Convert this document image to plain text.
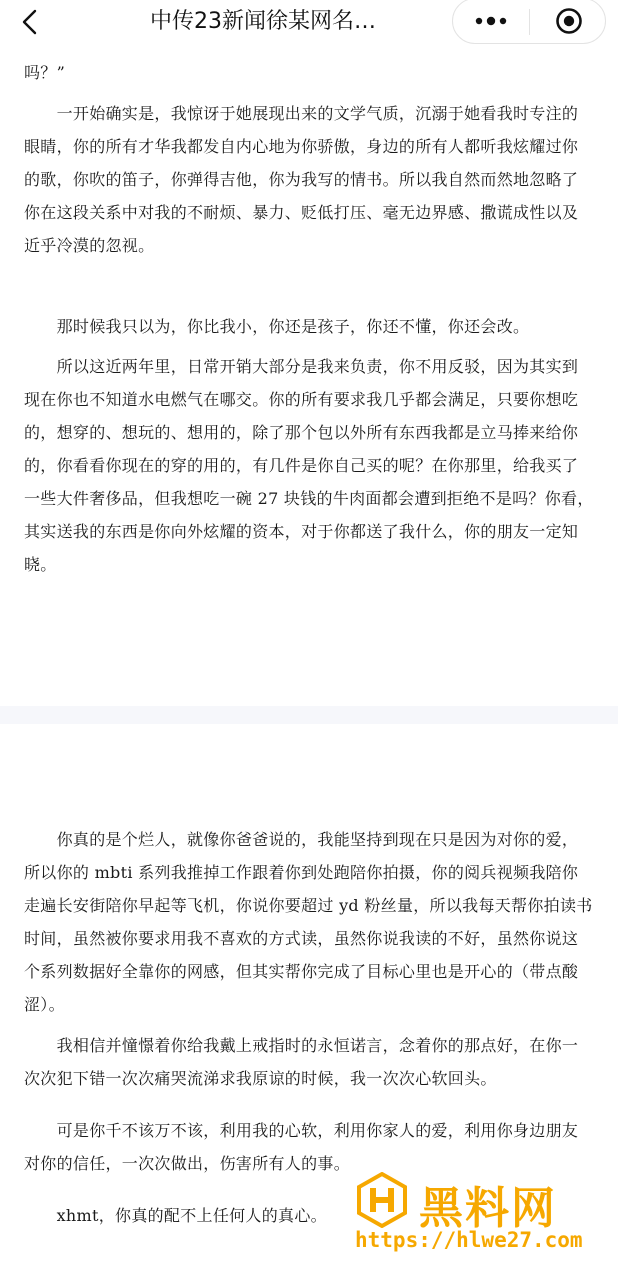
中传23新闻徐某网名…

吗？”

　　一开始确实是，我惊讶于她展现出来的文学气质，沉溺于她看我时专注的眼睛，你的所有才华我都发自内心地为你骄傲，身边的所有人都听我炫耀过你的歌，你吹的笛子，你弹得吉他，你为我写的情书。所以我自然而然地忽略了你在这段关系中对我的不耐烦、暴力、贬低打压、毫无边界感、撒谎成性以及近乎冷漠的忽视。

　　那时候我只以为，你比我小，你还是孩子，你还不懂，你还会改。

　　所以这近两年里，日常开销大部分是我来负责，你不用反驳，因为其实到现在你也不知道水电燃气在哪交。你的所有要求我几乎都会满足，只要你想吃的，想穿的、想玩的、想用的，除了那个包以外所有东西我都是立马捧来给你的，你看看你现在的穿的用的，有几件是你自己买的呢？在你那里，给我买了一些大件奢侈品，但我想吃一碗 27 块钱的牛肉面都会遭到拒绝不是吗？你看，其实送我的东西是你向外炫耀的资本，对于你都送了我什么，你的朋友一定知晓。

　　你真的是个烂人，就像你爸爸说的，我能坚持到现在只是因为对你的爱，所以你的 mbti 系列我推掉工作跟着你到处跑陪你拍摄，你的阅兵视频我陪你走遍长安街陪你早起等飞机，你说你要超过 yd 粉丝量，所以我每天帮你拍读书时间，虽然被你要求用我不喜欢的方式读，虽然你说我读的不好，虽然你说这个系列数据好全靠你的网感，但其实帮你完成了目标心里也是开心的（带点酸涩）。

　　我相信并憧憬着你给我戴上戒指时的永恒诺言，念着你的那点好，在你一次次犯下错一次次痛哭流涕求我原谅的时候，我一次次心软回头。

　　可是你千不该万不该，利用我的心软，利用你家人的爱，利用你身边朋友对你的信任，一次次做出，伤害所有人的事。

　　xhmt，你真的配不上任何人的真心。	黑料网
https://hlwe27.com
